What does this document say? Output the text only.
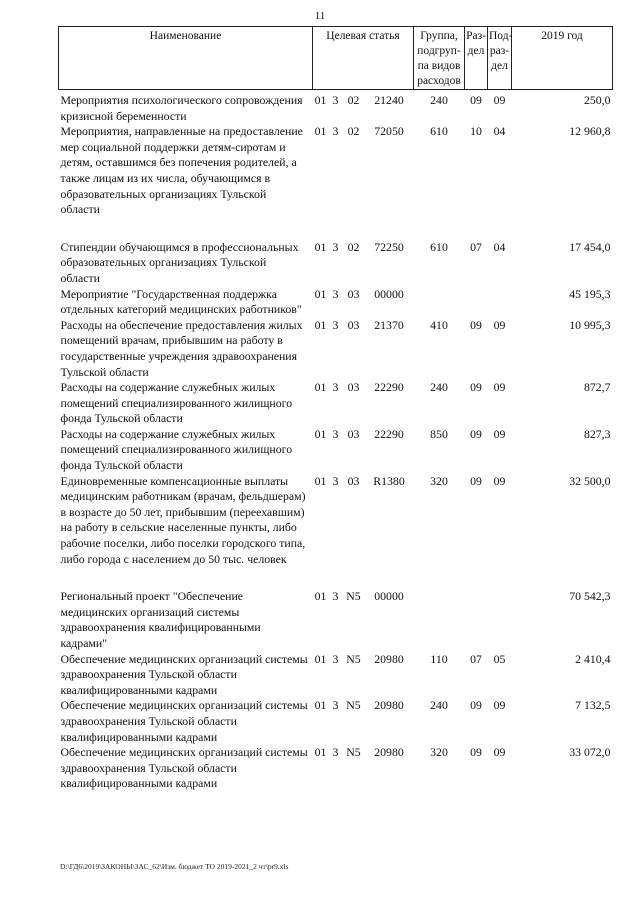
11
Наименование	Целевая статья				Группа, подгруп-па видов расходов	Раз-дел	Под-раз-дел	2019 год
Мероприятия психологического сопровождения кризисной беременности	01	3	02	21240	240	09	09	250,0
Мероприятия, направленные на предоставление мер социальной поддержки детям-сиротам и детям, оставшимся без попечения родителей, а также лицам из их числа, обучающимся в образовательных организациях Тульской области	01	3	02	72050	610	10	04	12 960,8
Стипендии обучающимся в профессиональных образовательных организациях Тульской области	01	3	02	72250	610	07	04	17 454,0
Мероприятие "Государственная поддержка отдельных категорий медицинских работников"	01	3	03	00000				45 195,3
Расходы на обеспечение предоставления жилых помещений врачам, прибывшим на работу в государственные учреждения здравоохранения Тульской области	01	3	03	21370	410	09	09	10 995,3
Расходы на содержание служебных жилых помещений специализированного жилищного фонда Тульской области	01	3	03	22290	240	09	09	872,7
Расходы на содержание служебных жилых помещений специализированного жилищного фонда Тульской области	01	3	03	22290	850	09	09	827,3
Единовременные компенсационные выплаты медицинским работникам (врачам, фельдшерам) в возрасте до 50 лет, прибывшим (переехавшим) на работу в сельские населенные пункты, либо рабочие поселки, либо поселки городского типа, либо города с населением до 50 тыс. человек	01	3	03	R1380	320	09	09	32 500,0
Региональный проект "Обеспечение медицинских организаций системы здравоохранения квалифицированными кадрами"	01	3	N5	00000				70 542,3
Обеспечение медицинских организаций системы здравоохранения Тульской области квалифицированными кадрами	01	3	N5	20980	110	07	05	2 410,4
Обеспечение медицинских организаций системы здравоохранения Тульской области квалифицированными кадрами	01	3	N5	20980	240	09	09	7 132,5
Обеспечение медицинских организаций системы здравоохранения Тульской области квалифицированными кадрами	01	3	N5	20980	320	09	09	33 072,0
D:\ГД6\2019\ЗАКОНЫ\ЗАС_62\Изм. бюджет ТО 2019-2021_2 чт\pr9.xls
